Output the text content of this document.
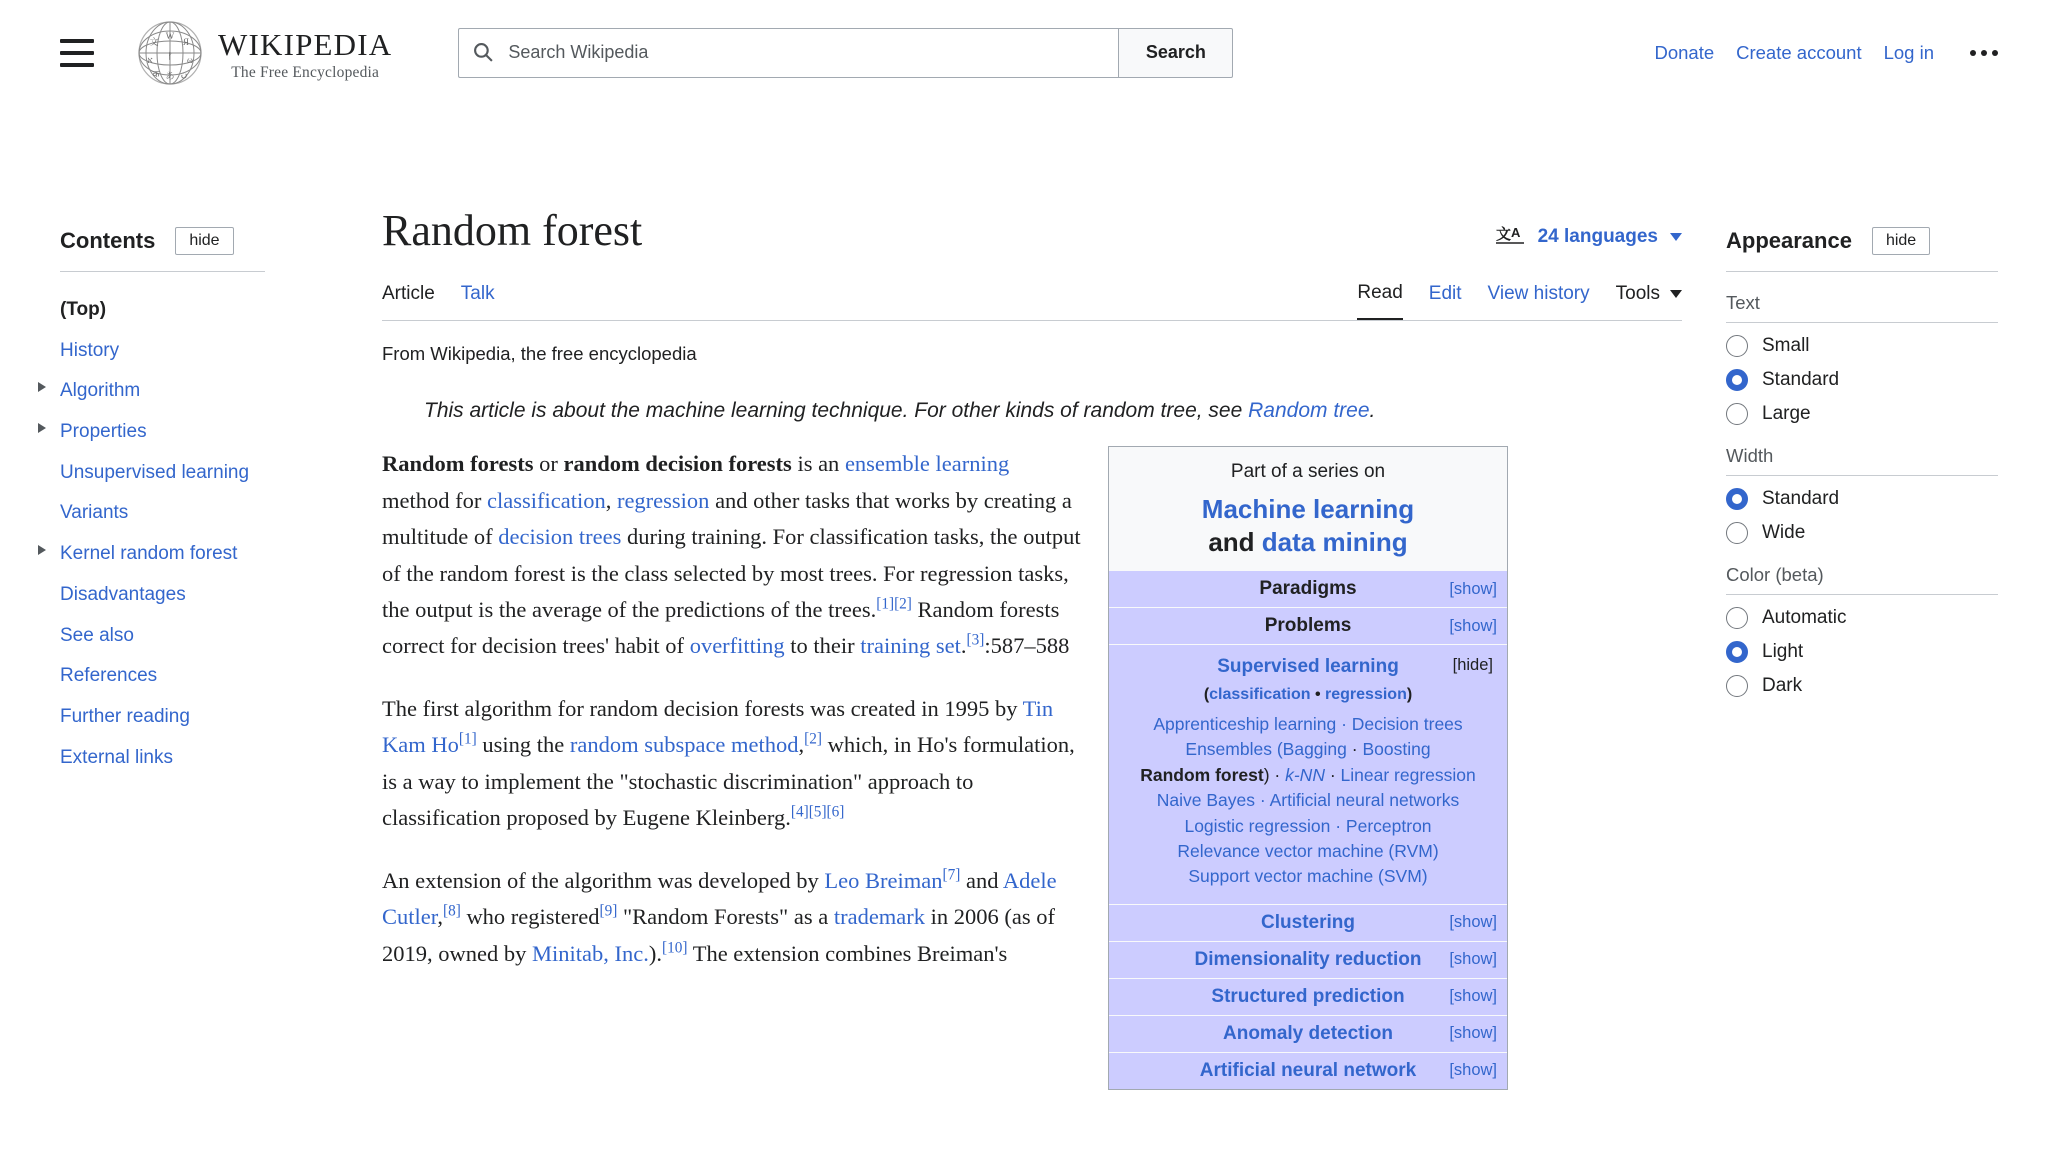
文
W
Я
א ᚠ ω
क あ ن
WIKIPEDIA
The Free Encyclopedia
Search Wikipedia
Search	Donate Create account Log in
Contents	hide
(Top)
History
Algorithm
Properties
Unsupervised learning
Variants
Kernel random forest
Disadvantages
See also
References
Further reading
External links
Random forest	文 A 24 languages
Article Talk	Read Edit View history Tools
From Wikipedia, the free encyclopedia
This article is about the machine learning technique. For other kinds of random tree, see Random tree.

Random forests or random decision forests is an ensemble learning method for classification, regression and other tasks that works by creating a multitude of decision trees during training. For classification tasks, the output of the random forest is the class selected by most trees. For regression tasks, the output is the average of the predictions of the trees.[1][2] Random forests correct for decision trees' habit of overfitting to their training set.[3]:587–588

The first algorithm for random decision forests was created in 1995 by Tin Kam Ho[1] using the random subspace method,[2] which, in Ho's formulation, is a way to implement the "stochastic discrimination" approach to classification proposed by Eugene Kleinberg.[4][5][6]

An extension of the algorithm was developed by Leo Breiman[7] and Adele Cutler,[8] who registered[9] "Random Forests" as a trademark in 2006 (as of 2019, owned by Minitab, Inc.).[10] The extension combines Breiman's

Part of a series on
Machine learning
and data mining
Paradigms	[show]
Problems	[show]
Supervised learning	[hide]
(classification • regression)
Apprenticeship learning · Decision trees
Ensembles (Bagging · Boosting
Random forest) · k-NN · Linear regression
Naive Bayes · Artificial neural networks
Logistic regression · Perceptron
Relevance vector machine (RVM)
Support vector machine (SVM)
Clustering	[show]
Dimensionality reduction [show]
Structured prediction	[show]
Anomaly detection	[show]
Artificial neural network [show]
Appearance	hide
Text
Small
Standard
Large
Width
Standard
Wide
Color (beta)
Automatic
Light
Dark
